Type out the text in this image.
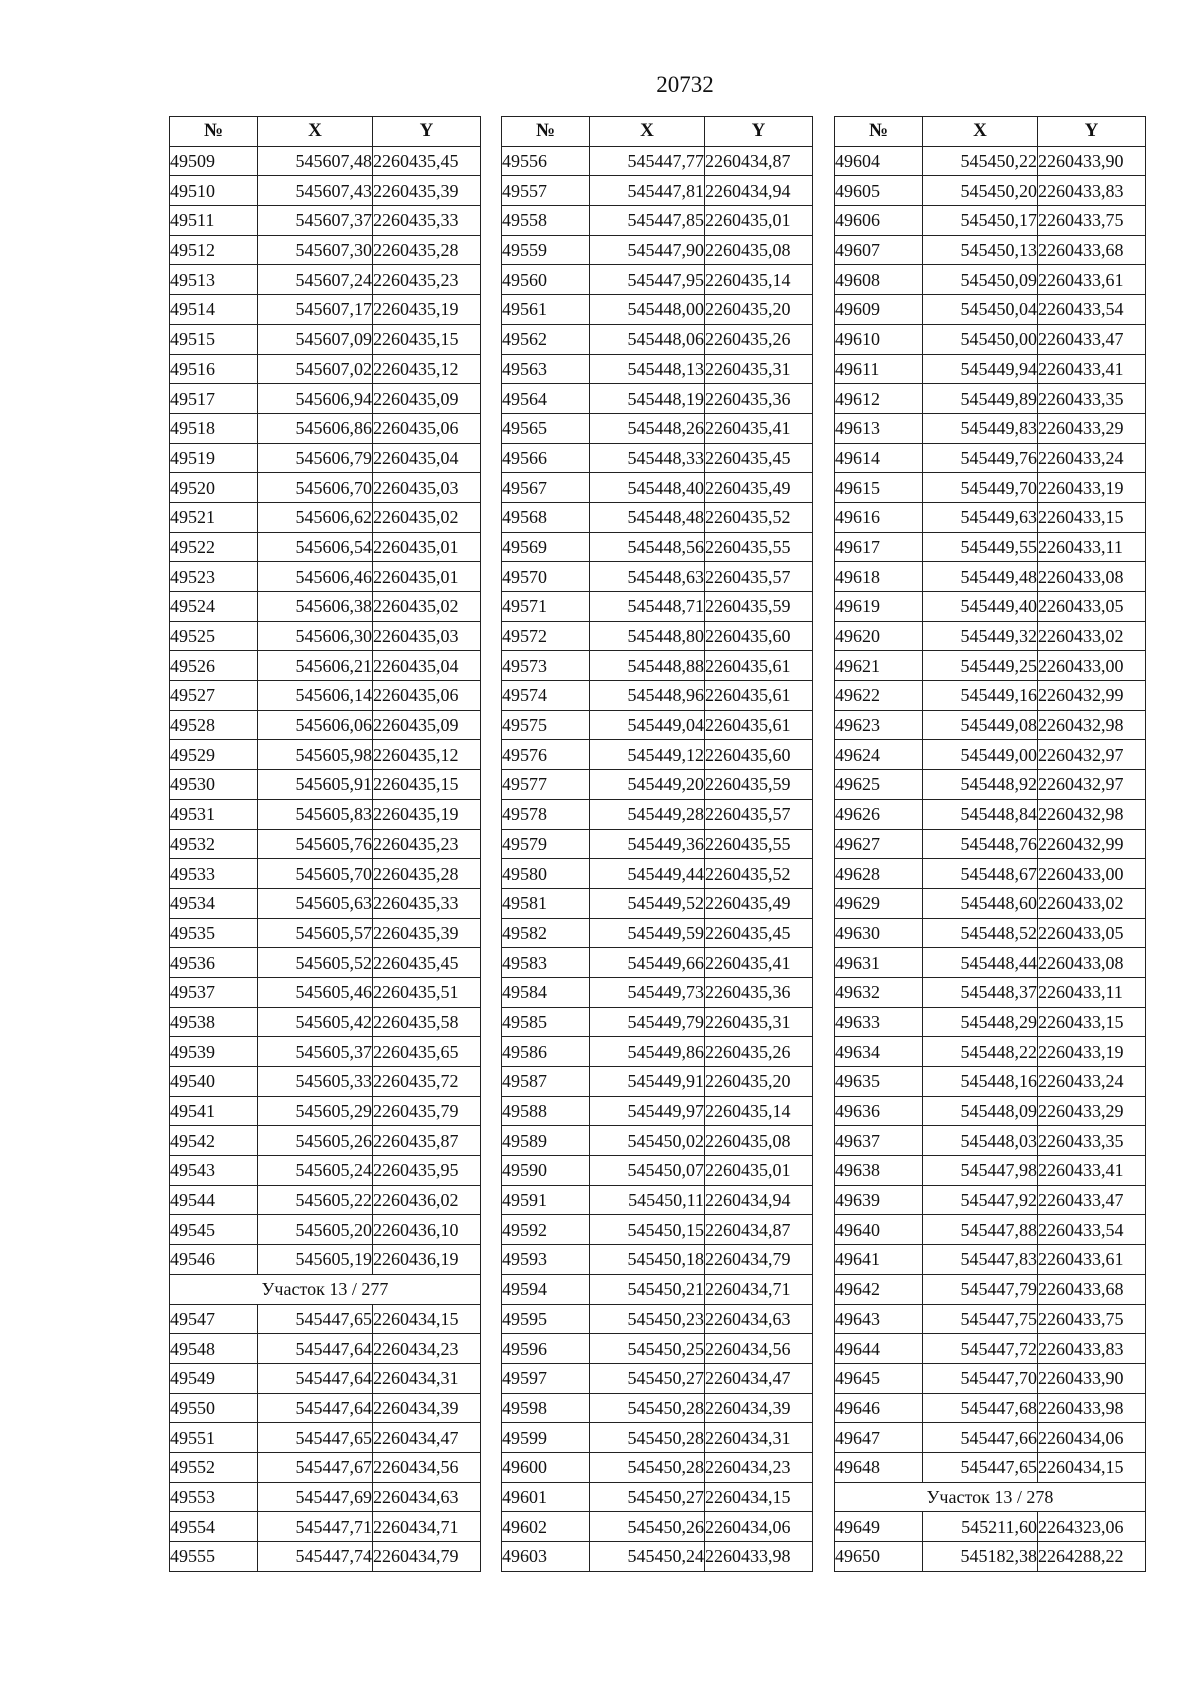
20732
№	X	Y
49509	545607,48	2260435,45
49510	545607,43	2260435,39
49511	545607,37	2260435,33
49512	545607,30	2260435,28
49513	545607,24	2260435,23
49514	545607,17	2260435,19
49515	545607,09	2260435,15
49516	545607,02	2260435,12
49517	545606,94	2260435,09
49518	545606,86	2260435,06
49519	545606,79	2260435,04
49520	545606,70	2260435,03
49521	545606,62	2260435,02
49522	545606,54	2260435,01
49523	545606,46	2260435,01
49524	545606,38	2260435,02
49525	545606,30	2260435,03
49526	545606,21	2260435,04
49527	545606,14	2260435,06
49528	545606,06	2260435,09
49529	545605,98	2260435,12
49530	545605,91	2260435,15
49531	545605,83	2260435,19
49532	545605,76	2260435,23
49533	545605,70	2260435,28
49534	545605,63	2260435,33
49535	545605,57	2260435,39
49536	545605,52	2260435,45
49537	545605,46	2260435,51
49538	545605,42	2260435,58
49539	545605,37	2260435,65
49540	545605,33	2260435,72
49541	545605,29	2260435,79
49542	545605,26	2260435,87
49543	545605,24	2260435,95
49544	545605,22	2260436,02
49545	545605,20	2260436,10
49546	545605,19	2260436,19
Участок 13 / 277		
49547	545447,65	2260434,15
49548	545447,64	2260434,23
49549	545447,64	2260434,31
49550	545447,64	2260434,39
49551	545447,65	2260434,47
49552	545447,67	2260434,56
49553	545447,69	2260434,63
49554	545447,71	2260434,71
49555	545447,74	2260434,79
№	X	Y
49556	545447,77	2260434,87
49557	545447,81	2260434,94
49558	545447,85	2260435,01
49559	545447,90	2260435,08
49560	545447,95	2260435,14
49561	545448,00	2260435,20
49562	545448,06	2260435,26
49563	545448,13	2260435,31
49564	545448,19	2260435,36
49565	545448,26	2260435,41
49566	545448,33	2260435,45
49567	545448,40	2260435,49
49568	545448,48	2260435,52
49569	545448,56	2260435,55
49570	545448,63	2260435,57
49571	545448,71	2260435,59
49572	545448,80	2260435,60
49573	545448,88	2260435,61
49574	545448,96	2260435,61
49575	545449,04	2260435,61
49576	545449,12	2260435,60
49577	545449,20	2260435,59
49578	545449,28	2260435,57
49579	545449,36	2260435,55
49580	545449,44	2260435,52
49581	545449,52	2260435,49
49582	545449,59	2260435,45
49583	545449,66	2260435,41
49584	545449,73	2260435,36
49585	545449,79	2260435,31
49586	545449,86	2260435,26
49587	545449,91	2260435,20
49588	545449,97	2260435,14
49589	545450,02	2260435,08
49590	545450,07	2260435,01
49591	545450,11	2260434,94
49592	545450,15	2260434,87
49593	545450,18	2260434,79
49594	545450,21	2260434,71
49595	545450,23	2260434,63
49596	545450,25	2260434,56
49597	545450,27	2260434,47
49598	545450,28	2260434,39
49599	545450,28	2260434,31
49600	545450,28	2260434,23
49601	545450,27	2260434,15
49602	545450,26	2260434,06
49603	545450,24	2260433,98
№	X	Y
49604	545450,22	2260433,90
49605	545450,20	2260433,83
49606	545450,17	2260433,75
49607	545450,13	2260433,68
49608	545450,09	2260433,61
49609	545450,04	2260433,54
49610	545450,00	2260433,47
49611	545449,94	2260433,41
49612	545449,89	2260433,35
49613	545449,83	2260433,29
49614	545449,76	2260433,24
49615	545449,70	2260433,19
49616	545449,63	2260433,15
49617	545449,55	2260433,11
49618	545449,48	2260433,08
49619	545449,40	2260433,05
49620	545449,32	2260433,02
49621	545449,25	2260433,00
49622	545449,16	2260432,99
49623	545449,08	2260432,98
49624	545449,00	2260432,97
49625	545448,92	2260432,97
49626	545448,84	2260432,98
49627	545448,76	2260432,99
49628	545448,67	2260433,00
49629	545448,60	2260433,02
49630	545448,52	2260433,05
49631	545448,44	2260433,08
49632	545448,37	2260433,11
49633	545448,29	2260433,15
49634	545448,22	2260433,19
49635	545448,16	2260433,24
49636	545448,09	2260433,29
49637	545448,03	2260433,35
49638	545447,98	2260433,41
49639	545447,92	2260433,47
49640	545447,88	2260433,54
49641	545447,83	2260433,61
49642	545447,79	2260433,68
49643	545447,75	2260433,75
49644	545447,72	2260433,83
49645	545447,70	2260433,90
49646	545447,68	2260433,98
49647	545447,66	2260434,06
49648	545447,65	2260434,15
Участок 13 / 278		
49649	545211,60	2264323,06
49650	545182,38	2264288,22
